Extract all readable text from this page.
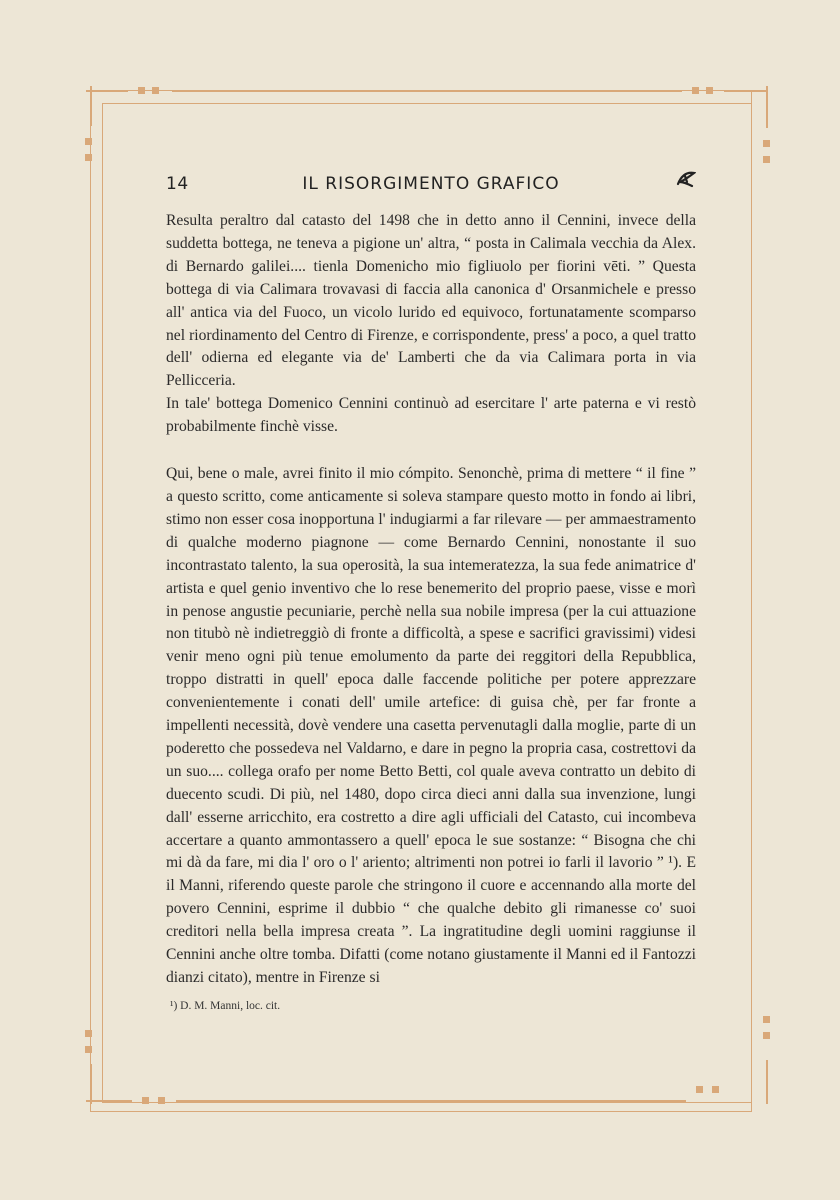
14	IL RISORGIMENTO GRAFICO

Resulta peraltro dal catasto del 1498 che in detto anno il Cennini, invece della suddetta bottega, ne teneva a pigione un' altra, “ posta in Calimala vecchia da Alex. di Bernardo galilei.... tienla Domenicho mio figliuolo per fiorini vēti. ” Questa bottega di via Calimara trovavasi di faccia alla canonica d' Orsanmichele e presso all' antica via del Fuoco, un vicolo lurido ed equivoco, fortunatamente scomparso nel riordinamento del Centro di Firenze, e corrispondente, press' a poco, a quel tratto dell' odierna ed elegante via de' Lamberti che da via Calimara porta in via Pellicceria.

In tale' bottega Domenico Cennini continuò ad esercitare l' arte paterna e vi restò probabilmente finchè visse.

Qui, bene o male, avrei finito il mio cómpito. Senonchè, prima di mettere “ il fine ” a questo scritto, come anticamente si soleva stampare questo motto in fondo ai libri, stimo non esser cosa inopportuna l' indugiarmi a far rilevare — per ammaestramento di qualche moderno piagnone — come Bernardo Cennini, nonostante il suo incontrastato talento, la sua operosità, la sua intemeratezza, la sua fede animatrice d' artista e quel genio inventivo che lo rese benemerito del proprio paese, visse e morì in penose angustie pecuniarie, perchè nella sua nobile impresa (per la cui attuazione non titubò nè indietreggiò di fronte a difficoltà, a spese e sacrifici gravissimi) videsi venir meno ogni più tenue emolumento da parte dei reggitori della Repubblica, troppo distratti in quell' epoca dalle faccende politiche per potere apprezzare convenientemente i conati dell' umile artefice: di guisa chè, per far fronte a impellenti necessità, dovè vendere una casetta pervenutagli dalla moglie, parte di un poderetto che possedeva nel Valdarno, e dare in pegno la propria casa, costrettovi da un suo.... collega orafo per nome Betto Betti, col quale aveva contratto un debito di duecento scudi. Di più, nel 1480, dopo circa dieci anni dalla sua invenzione, lungi dall' esserne arricchito, era costretto a dire agli ufficiali del Catasto, cui incombeva accertare a quanto ammontassero a quell' epoca le sue sostanze: “ Bisogna che chi mi dà da fare, mi dia l' oro o l' ariento; altrimenti non potrei io farli il lavorio ” ¹). E il Manni, riferendo queste parole che stringono il cuore e accennando alla morte del povero Cennini, esprime il dubbio “ che qualche debito gli rimanesse co' suoi creditori nella bella impresa creata ”. La ingratitudine degli uomini raggiunse il Cennini anche oltre tomba. Difatti (come notano giustamente il Manni ed il Fantozzi dianzi citato), mentre in Firenze si

¹) D. M. Manni, loc. cit.
